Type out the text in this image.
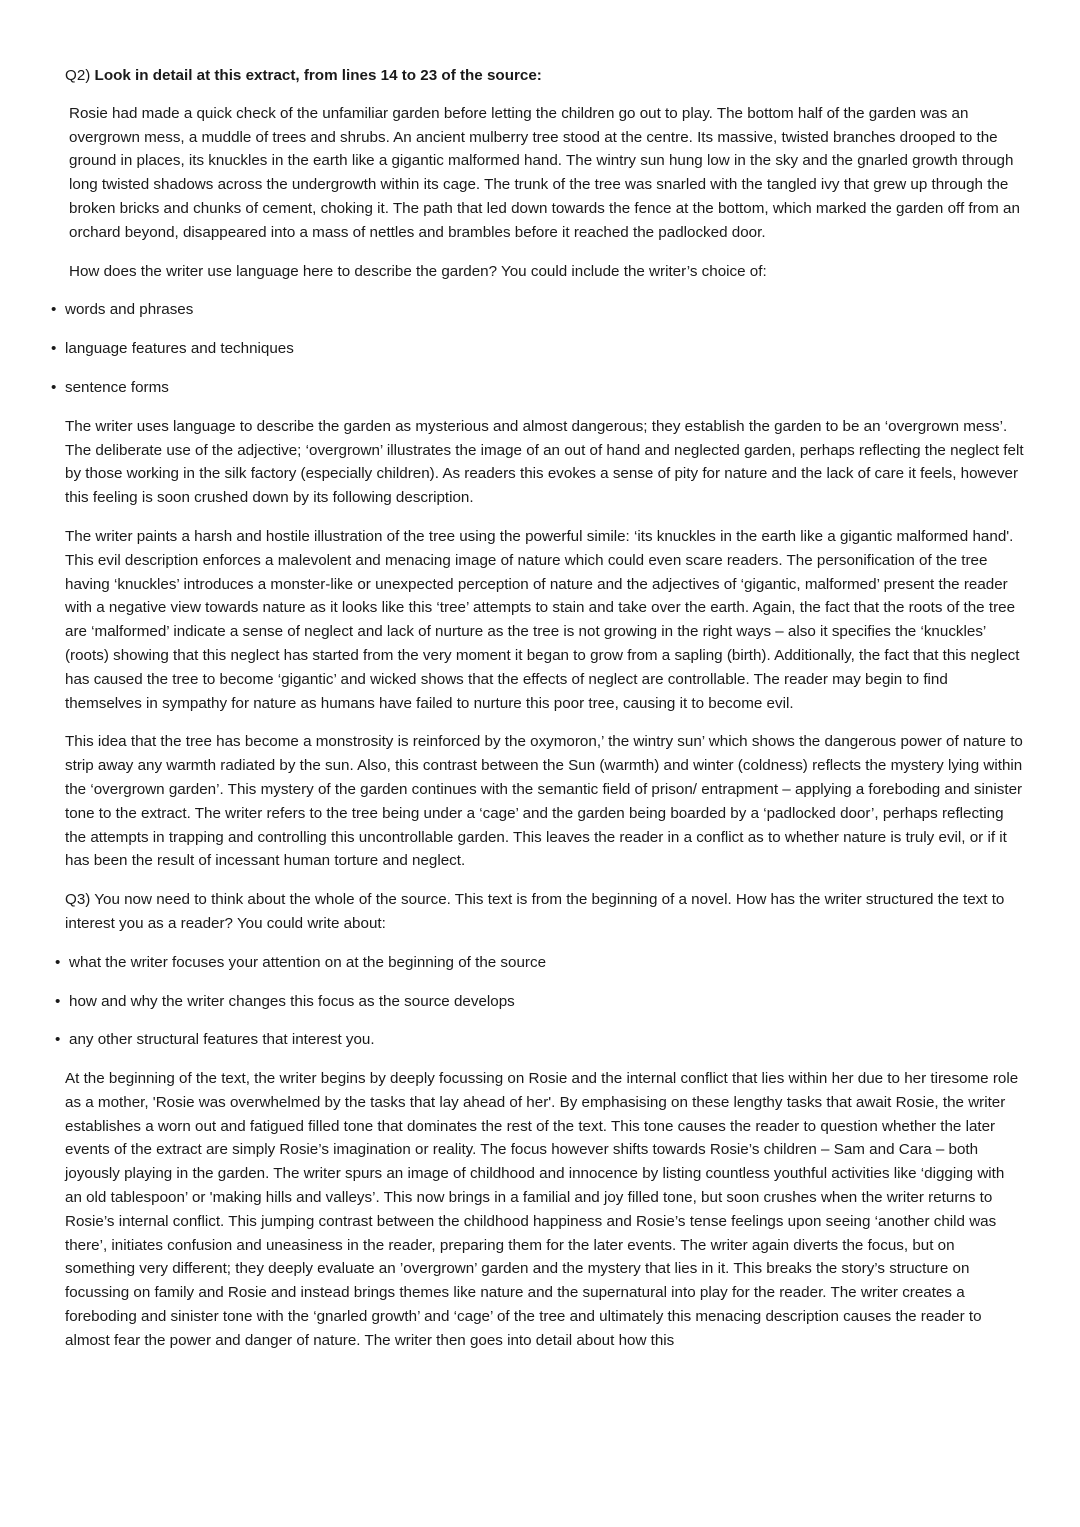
Q2) Look in detail at this extract, from lines 14 to 23 of the source:

Rosie had made a quick check of the unfamiliar garden before letting the children go out to play. The bottom half of the garden was an overgrown mess, a muddle of trees and shrubs. An ancient mulberry tree stood at the centre. Its massive, twisted branches drooped to the ground in places, its knuckles in the earth like a gigantic malformed hand. The wintry sun hung low in the sky and the gnarled growth through long twisted shadows across the undergrowth within its cage. The trunk of the tree was snarled with the tangled ivy that grew up through the broken bricks and chunks of cement, choking it. The path that led down towards the fence at the bottom, which marked the garden off from an orchard beyond, disappeared into a mass of nettles and brambles before it reached the padlocked door.

How does the writer use language here to describe the garden? You could include the writer’s choice of:

• words and phrases
• language features and techniques
• sentence forms

The writer uses language to describe the garden as mysterious and almost dangerous; they establish the garden to be an ‘overgrown mess’. The deliberate use of the adjective; ‘overgrown’ illustrates the image of an out of hand and neglected garden, perhaps reflecting the neglect felt by those working in the silk factory (especially children). As readers this evokes a sense of pity for nature and the lack of care it feels, however this feeling is soon crushed down by its following description.

The writer paints a harsh and hostile illustration of the tree using the powerful simile: ‘its knuckles in the earth like a gigantic malformed hand'. This evil description enforces a malevolent and menacing image of nature which could even scare readers. The personification of the tree having ‘knuckles’ introduces a monster-like or unexpected perception of nature and the adjectives of ‘gigantic, malformed’ present the reader with a negative view towards nature as it looks like this ‘tree’ attempts to stain and take over the earth. Again, the fact that the roots of the tree are ‘malformed’ indicate a sense of neglect and lack of nurture as the tree is not growing in the right ways – also it specifies the ‘knuckles’ (roots) showing that this neglect has started from the very moment it began to grow from a sapling (birth). Additionally, the fact that this neglect has caused the tree to become ‘gigantic’ and wicked shows that the effects of neglect are controllable. The reader may begin to find themselves in sympathy for nature as humans have failed to nurture this poor tree, causing it to become evil.

This idea that the tree has become a monstrosity is reinforced by the oxymoron,’ the wintry sun’ which shows the dangerous power of nature to strip away any warmth radiated by the sun. Also, this contrast between the Sun (warmth) and winter (coldness) reflects the mystery lying within the ‘overgrown garden’. This mystery of the garden continues with the semantic field of prison/ entrapment – applying a foreboding and sinister tone to the extract. The writer refers to the tree being under a ‘cage’ and the garden being boarded by a ‘padlocked door’, perhaps reflecting the attempts in trapping and controlling this uncontrollable garden. This leaves the reader in a conflict as to whether nature is truly evil, or if it has been the result of incessant human torture and neglect.

Q3) You now need to think about the whole of the source. This text is from the beginning of a novel. How has the writer structured the text to interest you as a reader? You could write about:

• what the writer focuses your attention on at the beginning of the source
• how and why the writer changes this focus as the source develops
• any other structural features that interest you.

At the beginning of the text, the writer begins by deeply focussing on Rosie and the internal conflict that lies within her due to her tiresome role as a mother, 'Rosie was overwhelmed by the tasks that lay ahead of her'. By emphasising on these lengthy tasks that await Rosie, the writer establishes a worn out and fatigued filled tone that dominates the rest of the text. This tone causes the reader to question whether the later events of the extract are simply Rosie’s imagination or reality. The focus however shifts towards Rosie’s children – Sam and Cara – both joyously playing in the garden. The writer spurs an image of childhood and innocence by listing countless youthful activities like ‘digging with an old tablespoon’ or 'making hills and valleys’. This now brings in a familial and joy filled tone, but soon crushes when the writer returns to Rosie’s internal conflict. This jumping contrast between the childhood happiness and Rosie’s tense feelings upon seeing ‘another child was there’, initiates confusion and uneasiness in the reader, preparing them for the later events. The writer again diverts the focus, but on something very different; they deeply evaluate an ’overgrown’ garden and the mystery that lies in it. This breaks the story’s structure on focussing on family and Rosie and instead brings themes like nature and the supernatural into play for the reader. The writer creates a foreboding and sinister tone with the ‘gnarled growth’ and ‘cage’ of the tree and ultimately this menacing description causes the reader to almost fear the power and danger of nature. The writer then goes into detail about how this
